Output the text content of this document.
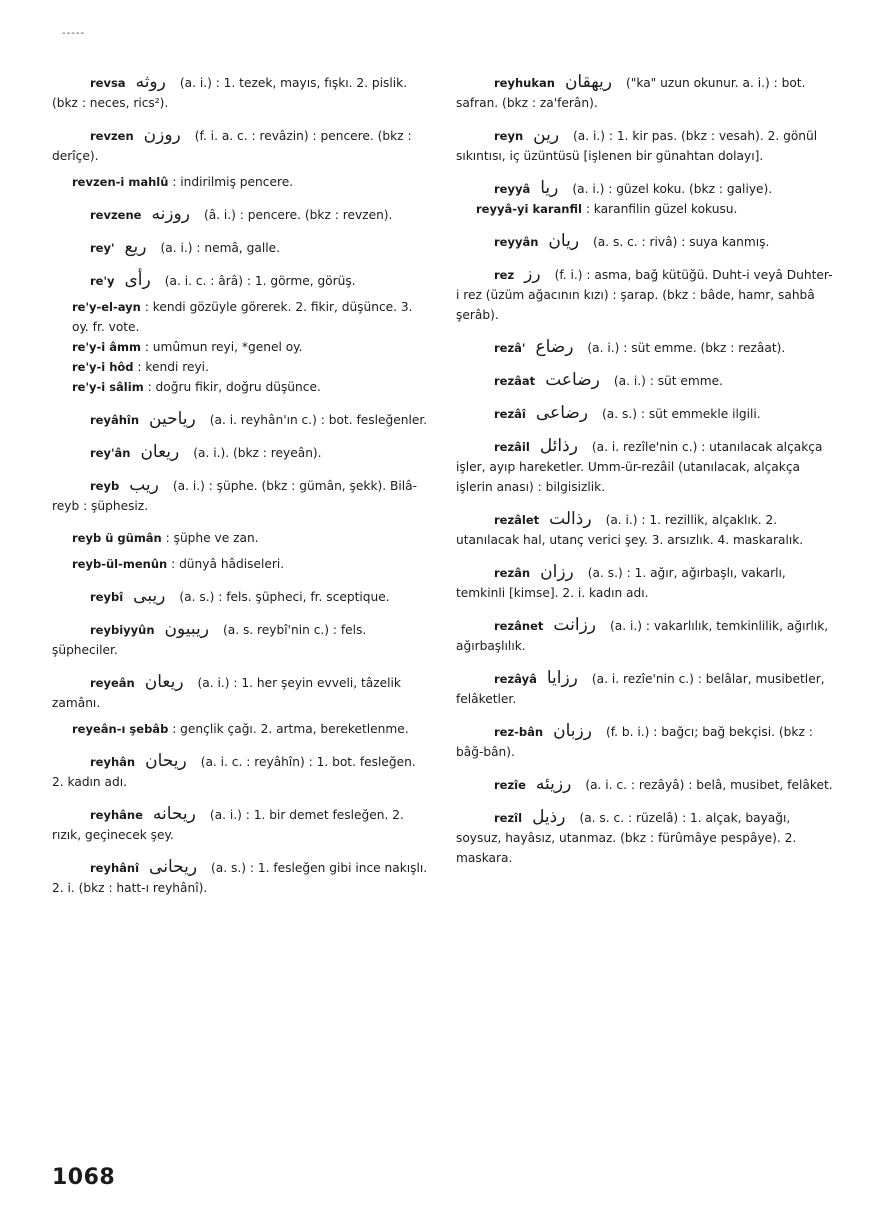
-----

revsa روثه (a. i.) : 1. tezek, mayıs, fışkı. 2. pislik. (bkz : neces, rics²).

revzen روزن (f. i. a. c. : revâzin) : pencere. (bkz : derîçe).

revzen-i mahlû : indirilmiş pencere.

revzene روزنه (â. i.) : pencere. (bkz : revzen).

rey' ريع (a. i.) : nemâ, galle.

re'y رأى (a. i. c. : ârâ) : 1. görme, görüş.

re'y-el-ayn : kendi gözüyle görerek. 2. fikir, düşünce. 3. oy. fr. vote.

re'y-i âmm : umûmun reyi, *genel oy.

re'y-i hôd : kendi reyi.

re'y-i sâlim : doğru fikir, doğru düşünce.

reyâhîn رياحين (a. i. reyhân'ın c.) : bot. fesleğenler.

rey'ân ريعان (a. i.). (bkz : reyeân).

reyb ريب (a. i.) : şüphe. (bkz : gümân, şekk). Bilâ-reyb : şüphesiz.

reyb ü gümân : şüphe ve zan.

reyb-ül-menûn : dünyâ hâdiseleri.

reybî ريبى (a. s.) : fels. şüpheci, fr. sceptique.

reybiyyûn ريبيون (a. s. reybî'nin c.) : fels. şüpheciler.

reyeân ريعان (a. i.) : 1. her şeyin evveli, tâzelik zamânı.

reyeân-ı şebâb : gençlik çağı. 2. artma, bereketlenme.

reyhân ريحان (a. i. c. : reyâhîn) : 1. bot. fesleğen. 2. kadın adı.

reyhâne ريحانه (a. i.) : 1. bir demet fesleğen. 2. rızık, geçinecek şey.

reyhânî ريحانى (a. s.) : 1. fesleğen gibi ince nakışlı. 2. i. (bkz : hatt-ı reyhânî).

reyhukan ريهقان ("ka" uzun okunur. a. i.) : bot. safran. (bkz : za'ferân).

reyn رين (a. i.) : 1. kir pas. (bkz : vesah). 2. gönül sıkıntısı, iç üzüntüsü [işlenen bir günahtan dolayı].

reyyâ ريا (a. i.) : güzel koku. (bkz : galiye).

reyyâ-yi karanfil : karanfilin güzel kokusu.

reyyân ريان (a. s. c. : rivâ) : suya kanmış.

rez رز (f. i.) : asma, bağ kütüğü. Duht-i veyâ Duhter-i rez (üzüm ağacının kızı) : şarap. (bkz : bâde, hamr, sahbâ şerâb).

rezâ' رضاع (a. i.) : süt emme. (bkz : rezâat).

rezâat رضاعت (a. i.) : süt emme.

rezâî رضاعى (a. s.) : süt emmekle ilgili.

rezâil رذائل (a. i. rezîle'nin c.) : utanılacak alçakça işler, ayıp hareketler. Umm-ür-rezâil (utanılacak, alçakça işlerin anası) : bilgisizlik.

rezâlet رذالت (a. i.) : 1. rezillik, alçaklık. 2. utanılacak hal, utanç verici şey. 3. arsızlık. 4. maskaralık.

rezân رزان (a. s.) : 1. ağır, ağırbaşlı, vakarlı, temkinli [kimse]. 2. i. kadın adı.

rezânet رزانت (a. i.) : vakarlılık, temkinlilik, ağırlık, ağırbaşlılık.

rezâyâ رزايا (a. i. rezîe'nin c.) : belâlar, musibetler, felâketler.

rez-bân رزبان (f. b. i.) : bağcı; bağ bekçisi. (bkz : bâğ-bân).

rezîe رزيئه (a. i. c. : rezâyâ) : belâ, musibet, felâket.

rezîl رذيل (a. s. c. : rüzelâ) : 1. alçak, bayağı, soysuz, hayâsız, utanmaz. (bkz : fürûmâye pespâye). 2. maskara.

1068
